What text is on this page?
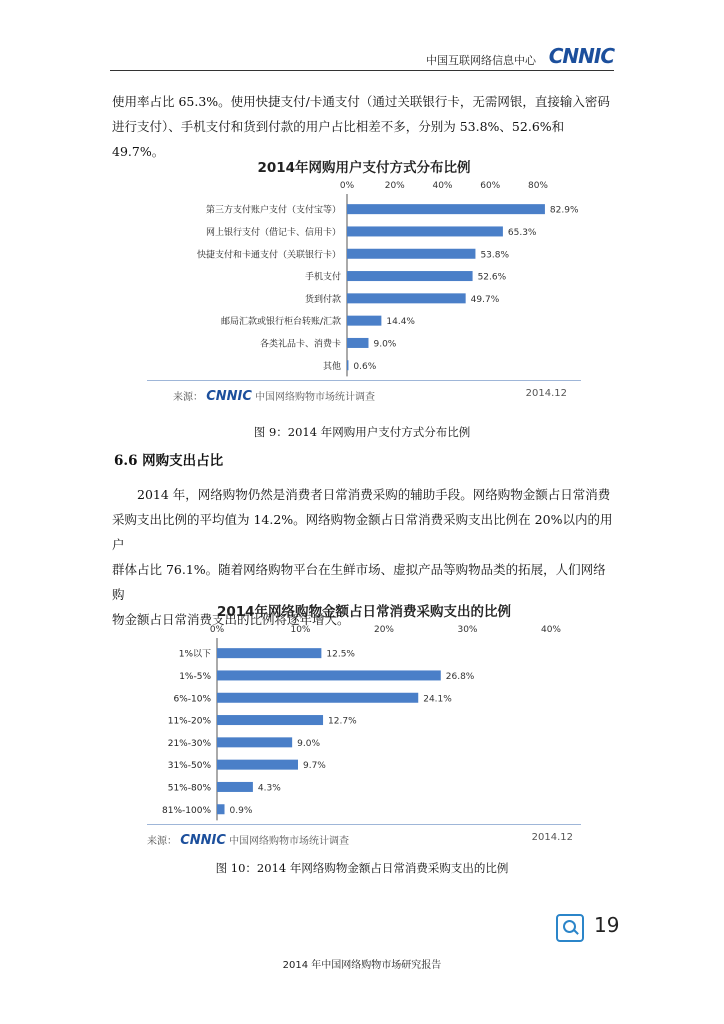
中国互联网络信息中心 CNNIC
使用率占比 65.3%。使用快捷支付/卡通支付（通过关联银行卡，无需网银，直接输入密码
进行支付）、手机支付和货到付款的用户占比相差不多，分别为 53.8%、52.6%和 49.7%。
2014年网购用户支付方式分布比例
0%	20%	40%	60%	80%
第三方支付账户支付（支付宝等）	82.9%
网上银行支付（借记卡、信用卡）	65.3%
快捷支付和卡通支付（关联银行卡）	53.8%
手机支付	52.6%
货到付款	49.7%
邮局汇款或银行柜台转账/汇款	14.4%
各类礼品卡、消费卡	9.0%
其他 0.6%
来源： CNNIC 中国网络购物市场统计调查	2014.12
图 9：2014 年网购用户支付方式分布比例
6.6 网购支出占比
2014 年，网络购物仍然是消费者日常消费采购的辅助手段。网络购物金额占日常消费
采购支出比例的平均值为 14.2%。网络购物金额占日常消费采购支出比例在 20%以内的用户
群体占比 76.1%。随着网络购物平台在生鲜市场、虚拟产品等购物品类的拓展，人们网络购
物金额占日常消费支出的比例将逐年增大。
2014年网络购物金额占日常消费采购支出的比例
0%	10%	20%	30%	40%
1%以下	12.5%
1%-5%	26.8%
6%-10%	24.1%
11%-20%	12.7%
21%-30%	9.0%
31%-50%	9.7%
51%-80%	4.3%
81%-100% 0.9%
来源： CNNIC 中国网络购物市场统计调查	2014.12
图 10：2014 年网络购物金额占日常消费采购支出的比例
19
2014 年中国网络购物市场研究报告
